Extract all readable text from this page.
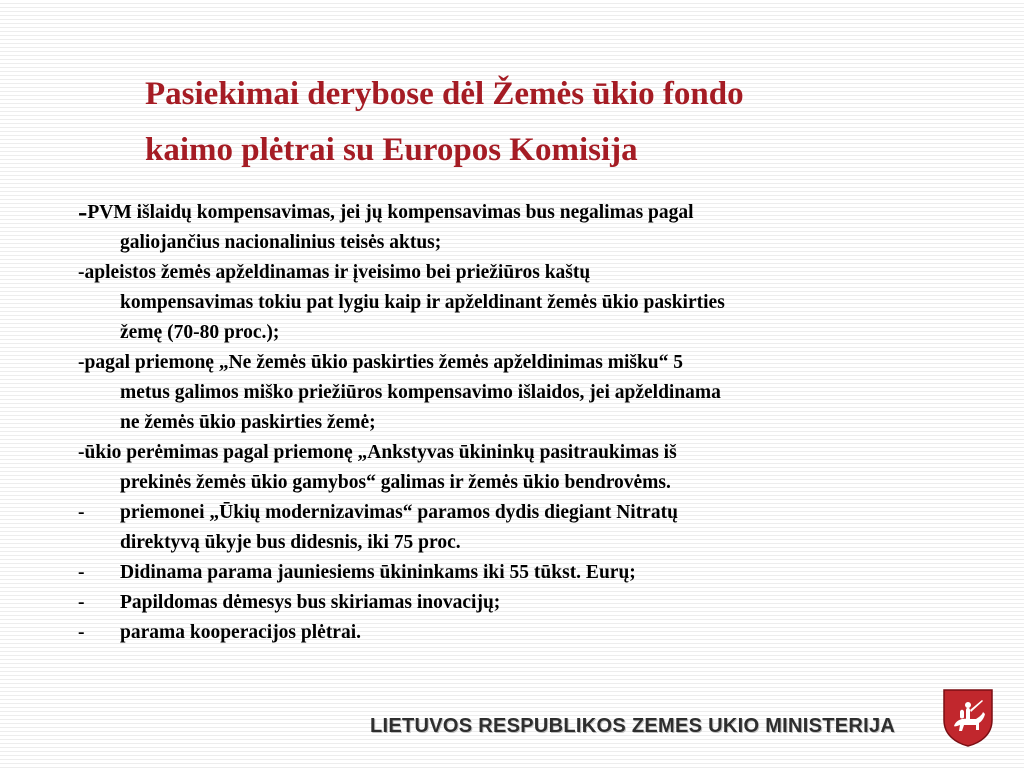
Pasiekimai derybose dėl Žemės ūkio fondo
kaimo plėtrai su Europos Komisija
- PVM išlaidų kompensavimas, jei jų kompensavimas bus negalimas pagal
galiojančius nacionalinius teisės aktus;
- apleistos žemės apželdinamas ir įveisimo bei priežiūros kaštų
kompensavimas tokiu pat lygiu kaip ir apželdinant žemės ūkio paskirties
žemę (70-80 proc.);
- pagal priemonę „Ne žemės ūkio paskirties žemės apželdinimas mišku“ 5
metus galimos miško priežiūros kompensavimo išlaidos, jei apželdinama
ne žemės ūkio paskirties žemė;
- ūkio perėmimas pagal priemonę „Ankstyvas ūkininkų pasitraukimas iš
prekinės žemės ūkio gamybos“ galimas ir žemės ūkio bendrovėms.
-	priemonei „Ūkių modernizavimas“ paramos dydis diegiant Nitratų
direktyvą ūkyje bus didesnis, iki 75 proc.
-	Didinama parama jauniesiems ūkininkams iki 55 tūkst. Eurų;
-	Papildomas dėmesys bus skiriamas inovacijų;
-	parama kooperacijos plėtrai.
LIETUVOS RESPUBLIKOS ZEMES UKIO MINISTERIJA
